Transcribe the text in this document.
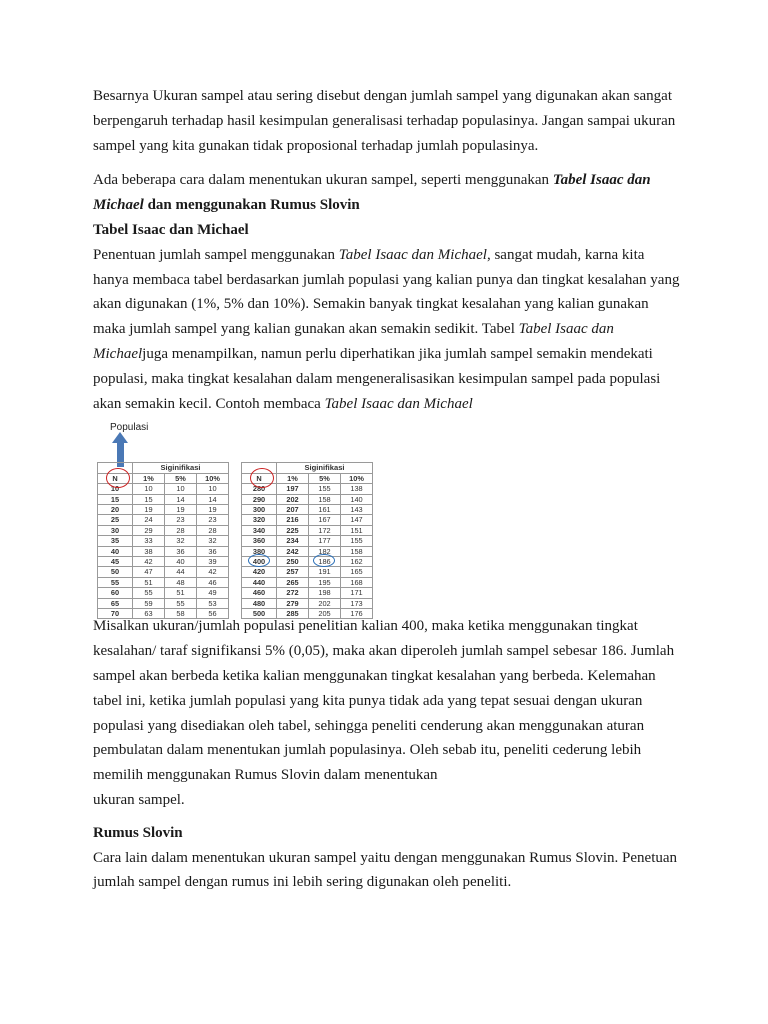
Besarnya Ukuran sampel atau sering disebut dengan jumlah sampel yang digunakan akan sangat berpengaruh terhadap hasil kesimpulan generalisasi terhadap populasinya. Jangan sampai ukuran sampel yang kita gunakan tidak proposional terhadap jumlah populasinya.

Ada beberapa cara dalam menentukan ukuran sampel, seperti menggunakan Tabel Isaac dan Michael dan menggunakan Rumus Slovin

Tabel Isaac dan Michael

Penentuan jumlah sampel menggunakan Tabel Isaac dan Michael, sangat mudah, karna kita hanya membaca tabel berdasarkan jumlah populasi yang kalian punya dan tingkat kesalahan yang akan digunakan (1%, 5% dan 10%). Semakin banyak tingkat kesalahan yang kalian gunakan maka jumlah sampel yang kalian gunakan akan semakin sedikit. Tabel Tabel Isaac dan Michaeljuga menampilkan, namun perlu diperhatikan jika jumlah sampel semakin mendekati populasi, maka tingkat kesalahan dalam mengeneralisasikan kesimpulan sampel pada populasi akan semakin kecil. Contoh membaca Tabel Isaac dan Michael

Populasi
	Siginifikasi					Siginifikasi		

N	1%	5%	10%		N	1%	5%	10%
10	10	10	10		280	197	155	138
15	15	14	14		290	202	158	140
20	19	19	19		300	207	161	143
25	24	23	23		320	216	167	147
30	29	28	28		340	225	172	151
35	33	32	32		360	234	177	155
40	38	36	36		380	242	182	158
45	42	40	39		400	250	186	162
50	47	44	42		420	257	191	165
55	51	48	46		440	265	195	168
60	55	51	49		460	272	198	171
65	59	55	53		480	279	202	173
70	63	58	56		500	285	205	176

Misalkan ukuran/jumlah populasi penelitian kalian 400, maka ketika menggunakan tingkat kesalahan/ taraf signifikansi 5% (0,05), maka akan diperoleh jumlah sampel sebesar 186. Jumlah sampel akan berbeda ketika kalian menggunakan tingkat kesalahan yang berbeda. Kelemahan tabel ini, ketika jumlah populasi yang kita punya tidak ada yang tepat sesuai dengan ukuran populasi yang disediakan oleh tabel, sehingga peneliti cenderung akan menggunakan aturan pembulatan dalam menentukan jumlah populasinya. Oleh sebab itu, peneliti cederung lebih memilih menggunakan Rumus Slovin dalam menentukan

ukuran sampel.

Rumus Slovin

Cara lain dalam menentukan ukuran sampel yaitu dengan menggunakan Rumus Slovin. Penetuan jumlah sampel dengan rumus ini lebih sering digunakan oleh peneliti.
